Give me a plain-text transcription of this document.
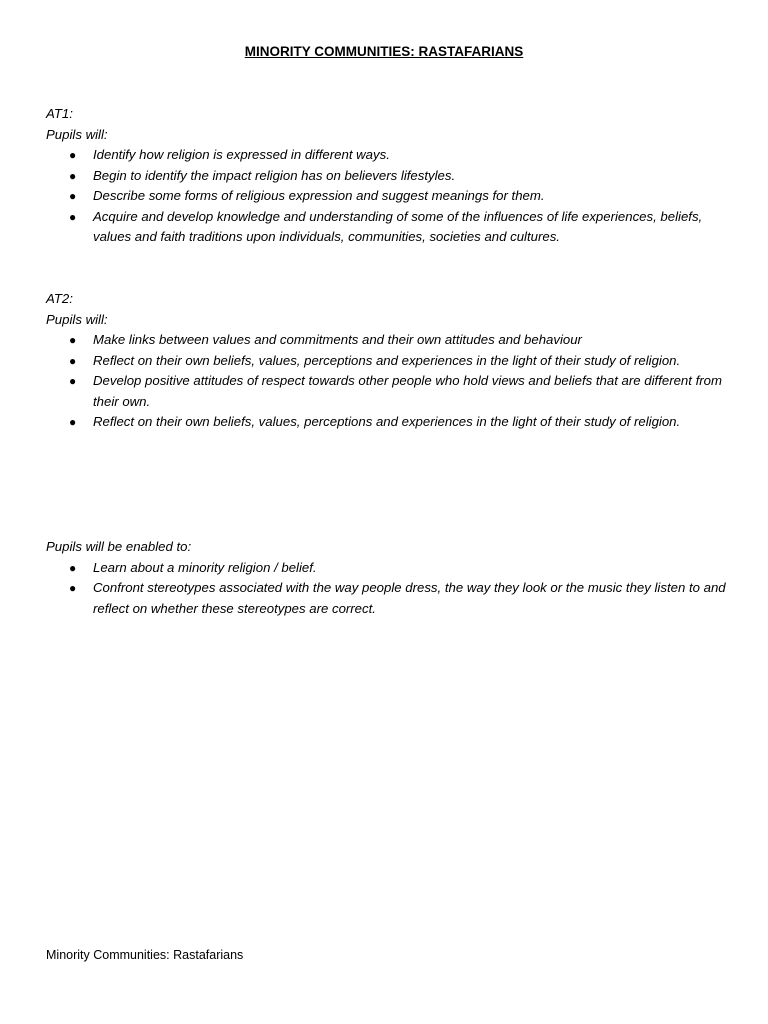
MINORITY COMMUNITIES: RASTAFARIANS

AT1:

Pupils will:

● Identify how religion is expressed in different ways.
● Begin to identify the impact religion has on believers lifestyles.
● Describe some forms of religious expression and suggest meanings for them.
● Acquire and develop knowledge and understanding of some of the influences of life experiences, beliefs, values and faith traditions upon individuals, communities, societies and cultures.

AT2:

Pupils will:

● Make links between values and commitments and their own attitudes and behaviour
● Reflect on their own beliefs, values, perceptions and experiences in the light of their study of religion.
● Develop positive attitudes of respect towards other people who hold views and beliefs that are different from their own.
● Reflect on their own beliefs, values, perceptions and experiences in the light of their study of religion.

Pupils will be enabled to:

● Learn about a minority religion / belief.
● Confront stereotypes associated with the way people dress, the way they look or the music they listen to and reflect on whether these stereotypes are correct.
Minority Communities: Rastafarians
